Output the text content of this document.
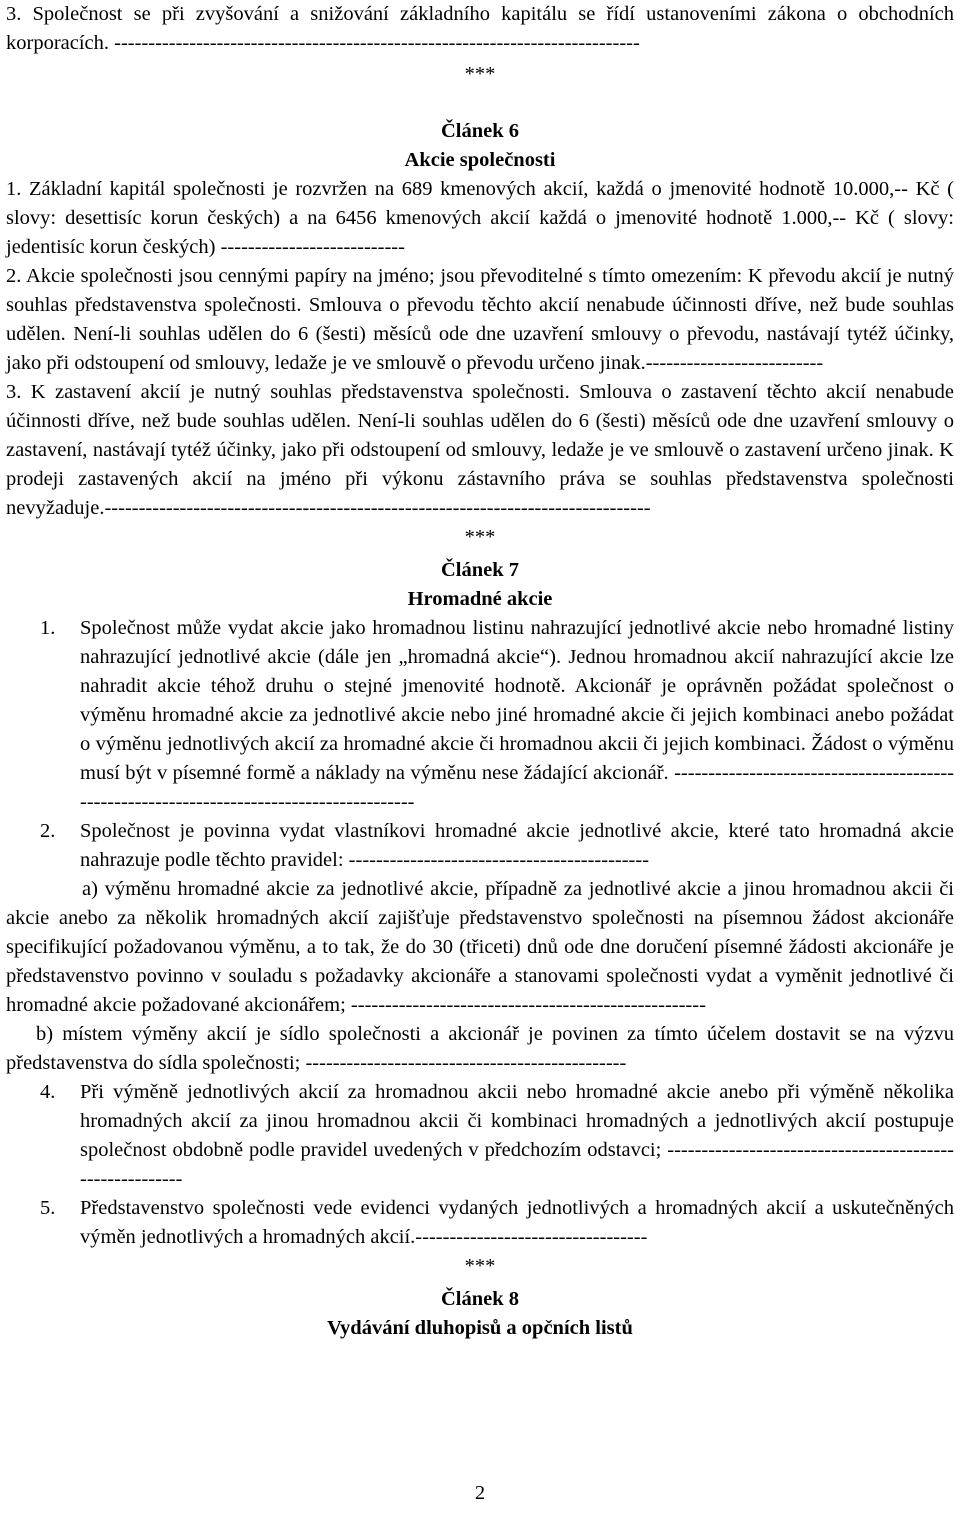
3. Společnost se při zvyšování a snižování základního kapitálu se řídí ustanoveními zákona o obchodních korporacích. -----------------------------------------------------------------------------

***

Článek 6

Akcie společnosti

1. Základní kapitál společnosti je rozvržen na 689 kmenových akcií, každá o jmenovité hodnotě 10.000,-- Kč ( slovy: desettisíc korun českých) a na 6456 kmenových akcií každá o jmenovité hodnotě 1.000,-- Kč ( slovy: jedentisíc korun českých) ---------------------------

2. Akcie společnosti jsou cennými papíry na jméno; jsou převoditelné s tímto omezením: K převodu akcií je nutný souhlas představenstva společnosti. Smlouva o převodu těchto akcií nenabude účinnosti dříve, než bude souhlas udělen. Není-li souhlas udělen do 6 (šesti) měsíců ode dne uzavření smlouvy o převodu, nastávají tytéž účinky, jako při odstoupení od smlouvy, ledaže je ve smlouvě o převodu určeno jinak.--------------------------

3. K zastavení akcií je nutný souhlas představenstva společnosti. Smlouva o zastavení těchto akcií nenabude účinnosti dříve, než bude souhlas udělen. Není-li souhlas udělen do 6 (šesti) měsíců ode dne uzavření smlouvy o zastavení, nastávají tytéž účinky, jako při odstoupení od smlouvy, ledaže je ve smlouvě o zastavení určeno jinak. K prodeji zastavených akcií na jméno při výkonu zástavního práva se souhlas představenstva společnosti nevyžaduje.--------------------------------------------------------------------------------

***

Článek 7

Hromadné akcie

1.	Společnost může vydat akcie jako hromadnou listinu nahrazující jednotlivé akcie nebo hromadné listiny nahrazující jednotlivé akcie (dále jen „hromadná akcie“). Jednou hromadnou akcií nahrazující akcie lze nahradit akcie téhož druhu o stejné jmenovité hodnotě. Akcionář je oprávněn požádat společnost o výměnu hromadné akcie za jednotlivé akcie nebo jiné hromadné akcie či jejich kombinaci anebo požádat o výměnu jednotlivých akcií za hromadné akcie či hromadnou akcii či jejich kombinaci. Žádost o výměnu musí být v písemné formě a náklady na výměnu nese žádající akcionář. ------------------------------------------------------------------------------------------
2.	Společnost je povinna vydat vlastníkovi hromadné akcie jednotlivé akcie, které tato hromadná akcie nahrazuje podle těchto pravidel: --------------------------------------------

a) výměnu hromadné akcie za jednotlivé akcie, případně za jednotlivé akcie a jinou hromadnou akcii či akcie anebo za několik hromadných akcií zajišťuje představenstvo společnosti na písemnou žádost akcionáře specifikující požadovanou výměnu, a to tak, že do 30 (třiceti) dnů ode dne doručení písemné žádosti akcionáře je představenstvo povinno v souladu s požadavky akcionáře a stanovami společnosti vydat a vyměnit jednotlivé či hromadné akcie požadované akcionářem; ----------------------------------------------------

b) místem výměny akcií je sídlo společnosti a akcionář je povinen za tímto účelem dostavit se na výzvu představenstva do sídla společnosti; -----------------------------------------------

4.	Při výměně jednotlivých akcií za hromadnou akcii nebo hromadné akcie anebo při výměně několika hromadných akcií za jinou hromadnou akcii či kombinaci hromadných a jednotlivých akcií postupuje společnost obdobně podle pravidel uvedených v předchozím odstavci; ---------------------------------------------------------
5.	Představenstvo společnosti vede evidenci vydaných jednotlivých a hromadných akcií a uskutečněných výměn jednotlivých a hromadných akcií.----------------------------------

***

Článek 8

Vydávání dluhopisů a opčních listů

2
